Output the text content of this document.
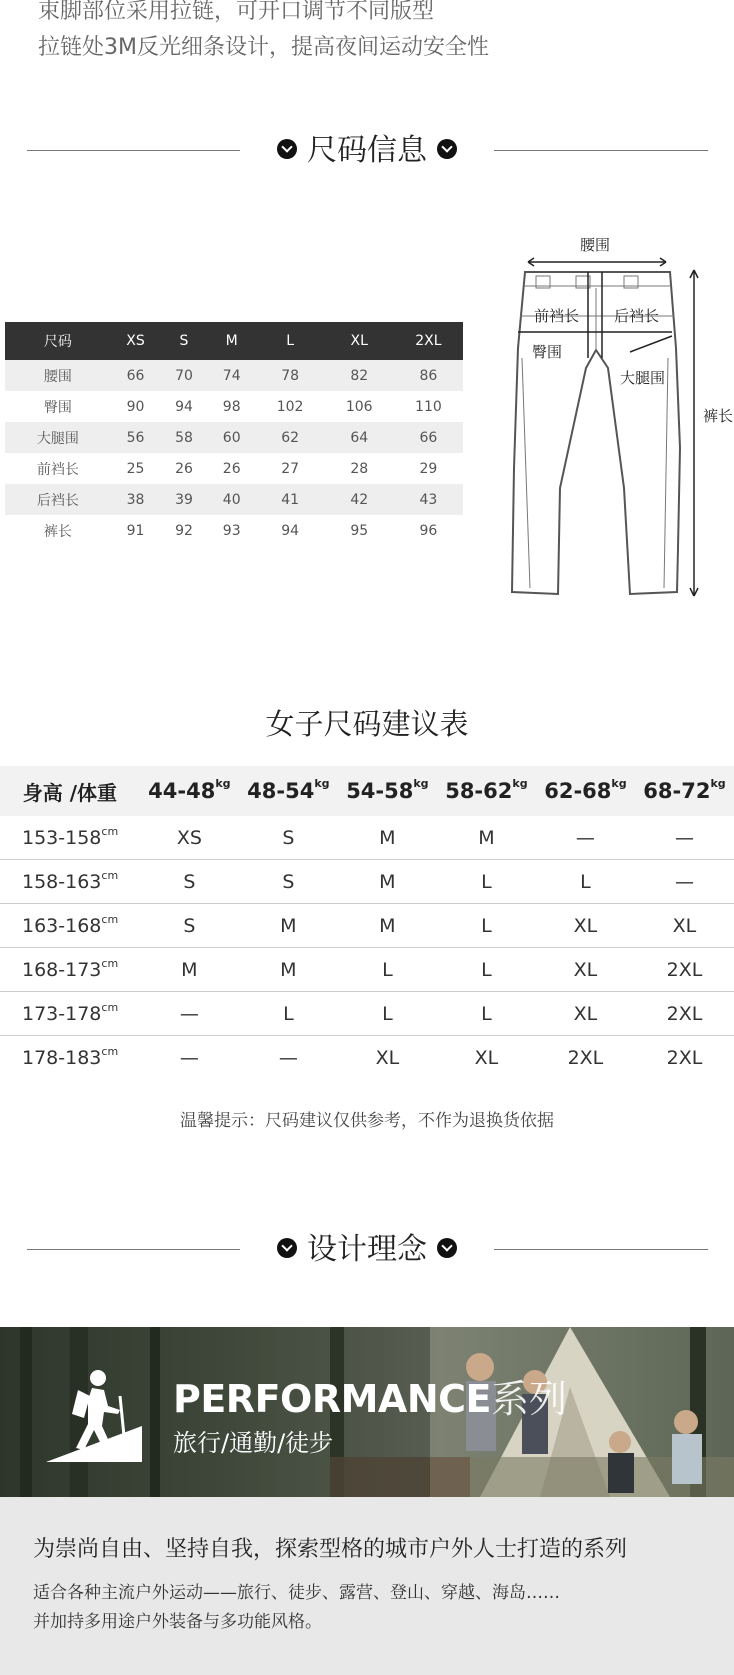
束脚部位采用拉链，可开口调节不同版型
拉链处3M反光细条设计，提高夜间运动安全性
尺码信息
尺码	XS	S	M	L	XL	2XL
腰围	66	70	74	78	82	86
臀围	90	94	98	102	106	110
大腿围	56	58	60	62	64	66
前裆长	25	26	26	27	28	29
后裆长	38	39	40	41	42	43
裤长	91	92	93	94	95	96
腰围
前裆长 后裆长
臀围
大腿围
裤长
女子尺码建议表
身高 /体重	$44-48^{kg}$	$48-54^{kg}$	$54-58^{kg}$	$58-62^{kg}$	$62-68^{kg}$	$68-72^{kg}$
$153-158^{cm}$	XS	S	M	M	—	—
$158-163^{cm}$	S	S	M	L	L	—
$163-168^{cm}$	S	M	M	L	XL	XL
$168-173^{cm}$	M	M	L	L	XL	2XL
$173-178^{cm}$	—	L	L	L	XL	2XL
$178-183^{cm}$	—	—	XL	XL	2XL	2XL
温馨提示：尺码建议仅供参考，不作为退换货依据
设计理念
PERFORMANCE系列
旅行/通勤/徒步
为崇尚自由、坚持自我，探索型格的城市户外人士打造的系列
适合各种主流户外运动——旅行、徒步、露营、登山、穿越、海岛……
并加持多用途户外装备与多功能风格。
